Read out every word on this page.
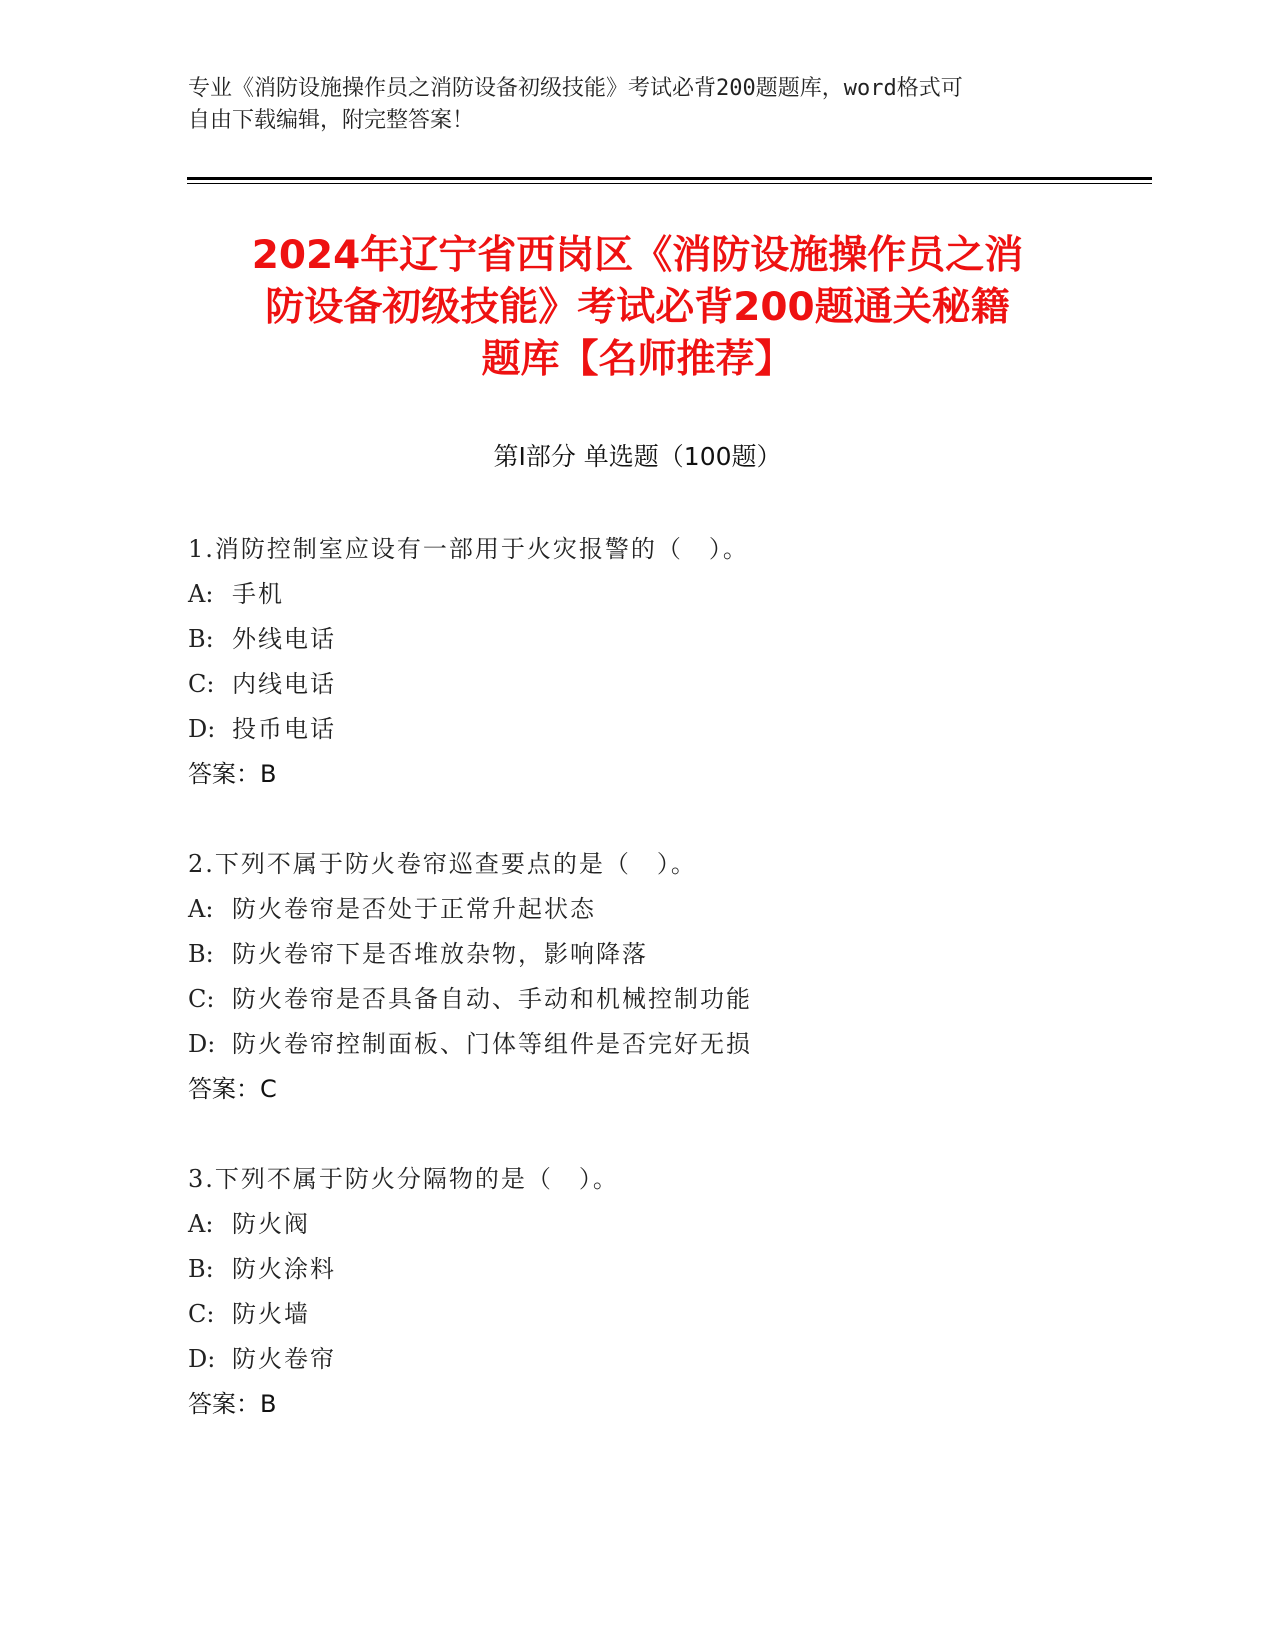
专业《消防设施操作员之消防设备初级技能》考试必背200题题库，word格式可
自由下载编辑，附完整答案！
2024年辽宁省西岗区《消防设施操作员之消
防设备初级技能》考试必背200题通关秘籍
题库【名师推荐】
第I部分 单选题（100题）
1.消防控制室应设有一部用于火灾报警的（　）。
A: 手机
B: 外线电话
C: 内线电话
D: 投币电话
答案：B
2.下列不属于防火卷帘巡查要点的是（　）。
A: 防火卷帘是否处于正常升起状态
B: 防火卷帘下是否堆放杂物，影响降落
C: 防火卷帘是否具备自动、手动和机械控制功能
D: 防火卷帘控制面板、门体等组件是否完好无损
答案：C
3.下列不属于防火分隔物的是（　）。
A: 防火阀
B: 防火涂料
C: 防火墙
D: 防火卷帘
答案：B
